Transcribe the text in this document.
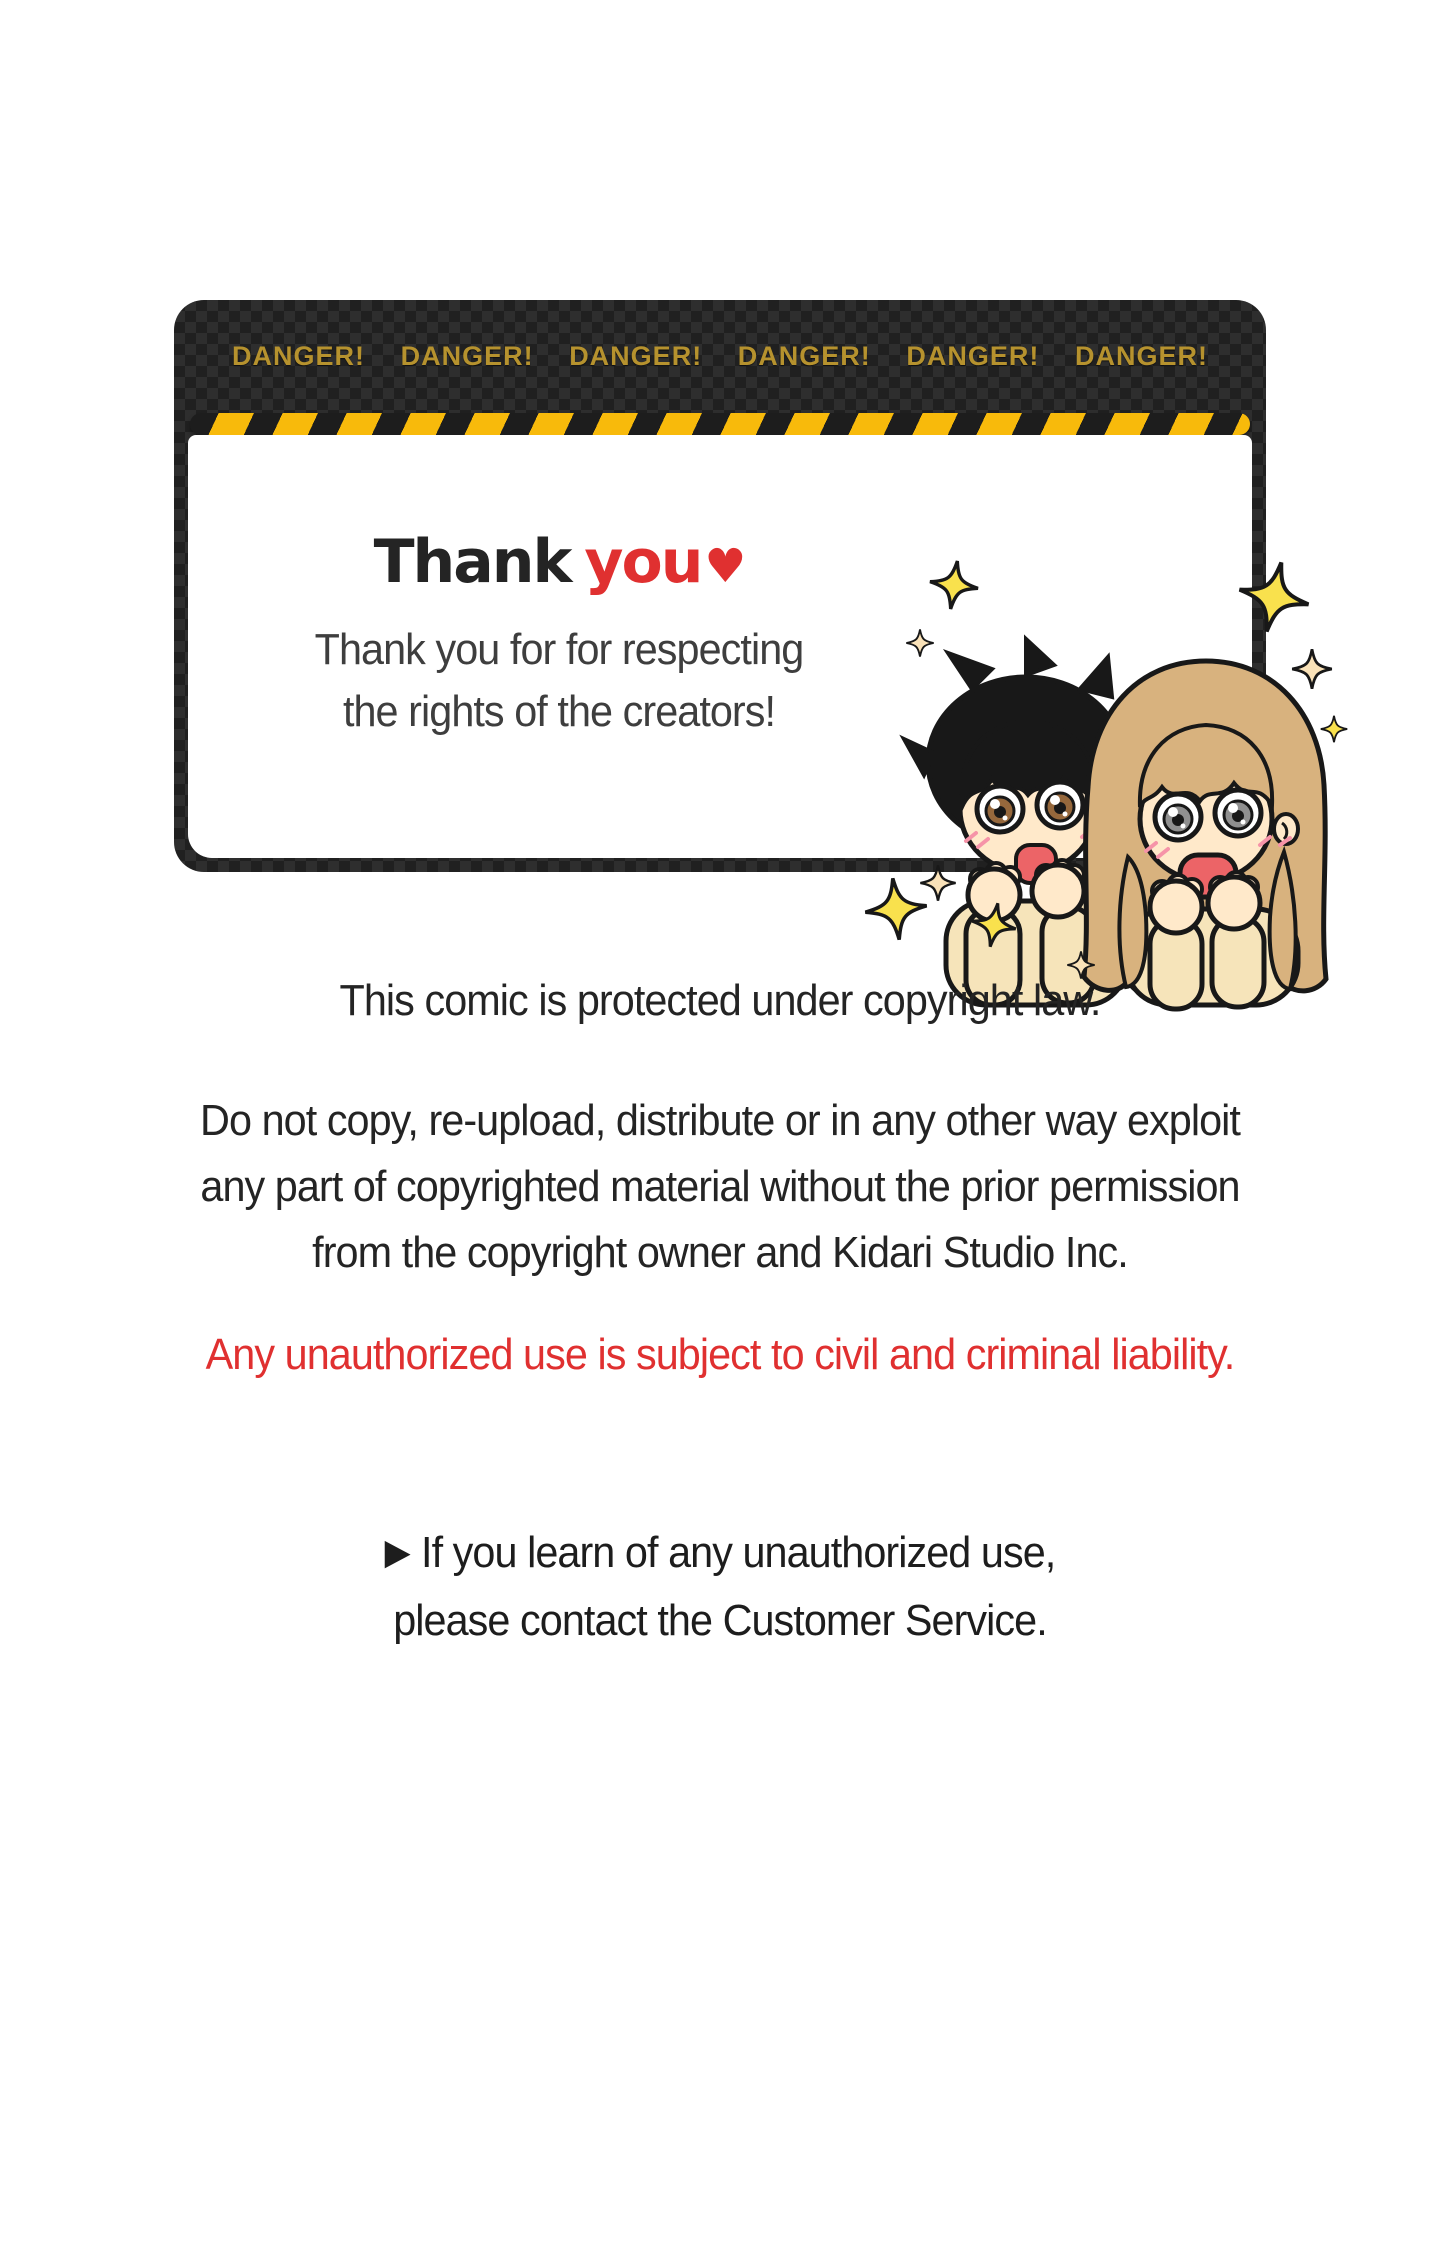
DANGER! DANGER! DANGER! DANGER! DANGER! DANGER!
Thank you♥
Thank you for for respecting
the rights of the creators!
This comic is protected under copyright law.
Do not copy, re-upload, distribute or in any other way exploit
any part of copyrighted material without the prior permission
from the copyright owner and Kidari Studio Inc.
Any unauthorized use is subject to civil and criminal liability.
▶ If you learn of any unauthorized use,
please contact the Customer Service.
